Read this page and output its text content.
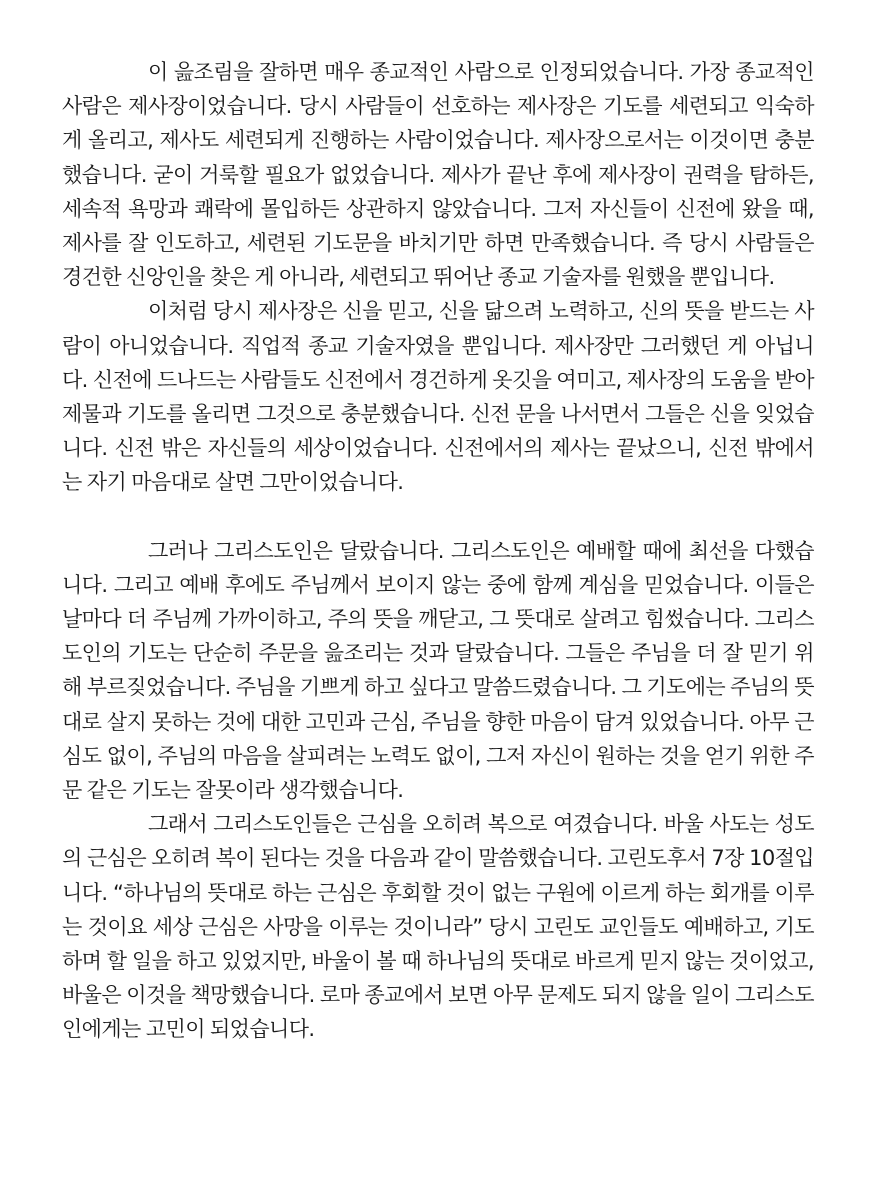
이 읊조림을 잘하면 매우 종교적인 사람으로 인정되었습니다. 가장 종교적인 사람은 제사장이었습니다. 당시 사람들이 선호하는 제사장은 기도를 세련되고 익숙하게 올리고, 제사도 세련되게 진행하는 사람이었습니다. 제사장으로서는 이것이면 충분했습니다. 굳이 거룩할 필요가 없었습니다. 제사가 끝난 후에 제사장이 권력을 탐하든, 세속적 욕망과 쾌락에 몰입하든 상관하지 않았습니다. 그저 자신들이 신전에 왔을 때, 제사를 잘 인도하고, 세련된 기도문을 바치기만 하면 만족했습니다. 즉 당시 사람들은 경건한 신앙인을 찾은 게 아니라, 세련되고 뛰어난 종교 기술자를 원했을 뿐입니다.

이처럼 당시 제사장은 신을 믿고, 신을 닮으려 노력하고, 신의 뜻을 받드는 사람이 아니었습니다. 직업적 종교 기술자였을 뿐입니다. 제사장만 그러했던 게 아닙니다. 신전에 드나드는 사람들도 신전에서 경건하게 옷깃을 여미고, 제사장의 도움을 받아 제물과 기도를 올리면 그것으로 충분했습니다. 신전 문을 나서면서 그들은 신을 잊었습니다. 신전 밖은 자신들의 세상이었습니다. 신전에서의 제사는 끝났으니, 신전 밖에서는 자기 마음대로 살면 그만이었습니다.

그러나 그리스도인은 달랐습니다. 그리스도인은 예배할 때에 최선을 다했습니다. 그리고 예배 후에도 주님께서 보이지 않는 중에 함께 계심을 믿었습니다. 이들은 날마다 더 주님께 가까이하고, 주의 뜻을 깨닫고, 그 뜻대로 살려고 힘썼습니다. 그리스도인의 기도는 단순히 주문을 읊조리는 것과 달랐습니다. 그들은 주님을 더 잘 믿기 위해 부르짖었습니다. 주님을 기쁘게 하고 싶다고 말씀드렸습니다. 그 기도에는 주님의 뜻대로 살지 못하는 것에 대한 고민과 근심, 주님을 향한 마음이 담겨 있었습니다. 아무 근심도 없이, 주님의 마음을 살피려는 노력도 없이, 그저 자신이 원하는 것을 얻기 위한 주문 같은 기도는 잘못이라 생각했습니다.

그래서 그리스도인들은 근심을 오히려 복으로 여겼습니다. 바울 사도는 성도의 근심은 오히려 복이 된다는 것을 다음과 같이 말씀했습니다. 고린도후서 7장 10절입니다. “하나님의 뜻대로 하는 근심은 후회할 것이 없는 구원에 이르게 하는 회개를 이루는 것이요 세상 근심은 사망을 이루는 것이니라” 당시 고린도 교인들도 예배하고, 기도하며 할 일을 하고 있었지만, 바울이 볼 때 하나님의 뜻대로 바르게 믿지 않는 것이었고, 바울은 이것을 책망했습니다. 로마 종교에서 보면 아무 문제도 되지 않을 일이 그리스도인에게는 고민이 되었습니다.
